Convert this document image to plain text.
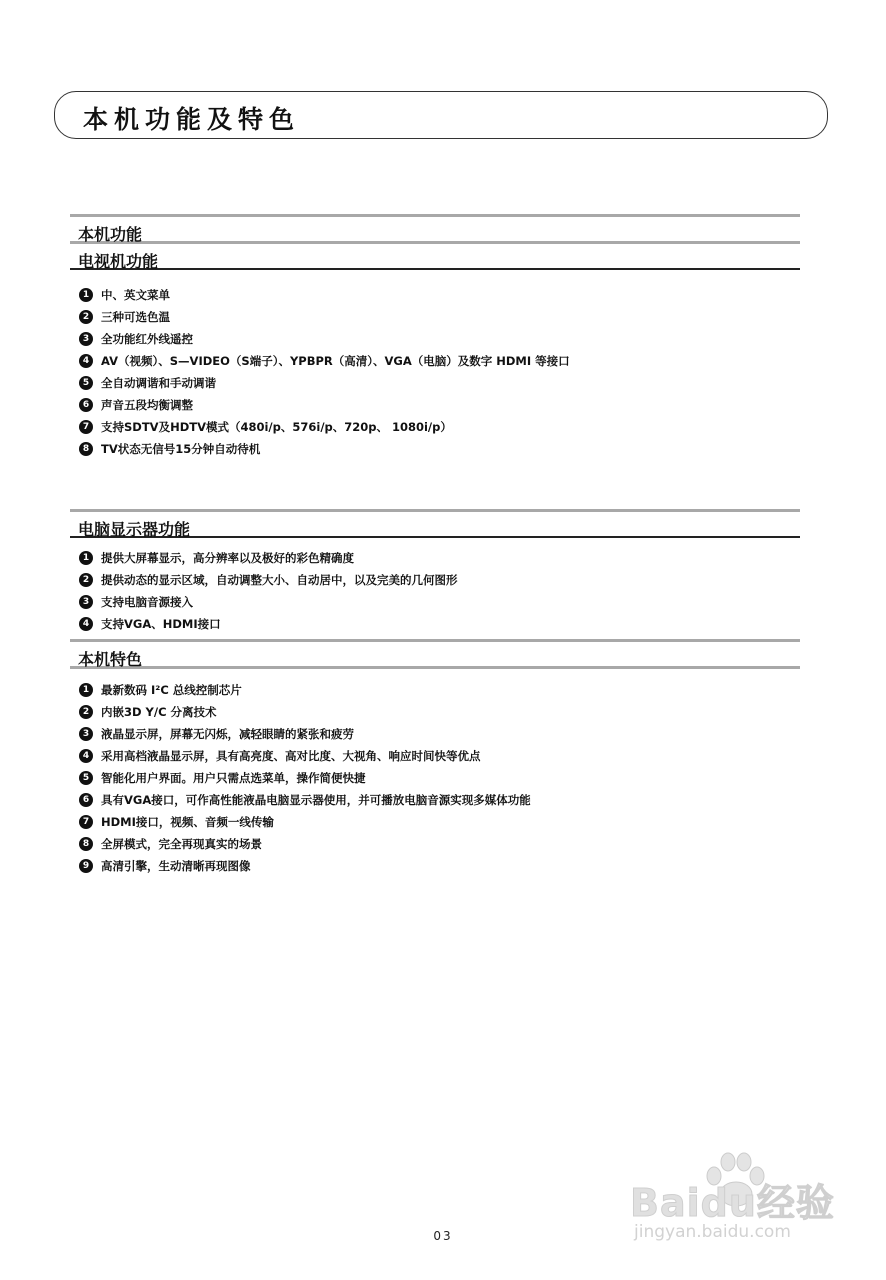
本机功能及特色
本机功能
电视机功能
1	中、英文菜单
2	三种可选色温
3	全功能红外线遥控
4	AV（视频）、S—VIDEO（S端子）、YPBPR（高清）、VGA（电脑）及数字 HDMI 等接口
5	全自动调谐和手动调谐
6	声音五段均衡调整
7	支持SDTV及HDTV模式（480i/p、576i/p、720p、 1080i/p）
8	TV状态无信号15分钟自动待机
电脑显示器功能
1	提供大屏幕显示，高分辨率以及极好的彩色精确度
2	提供动态的显示区域，自动调整大小、自动居中，以及完美的几何图形
3	支持电脑音源接入
4	支持VGA、HDMI接口
本机特色
1	最新数码 I²C 总线控制芯片
2	内嵌3D Y/C 分离技术
3	液晶显示屏，屏幕无闪烁，减轻眼睛的紧张和疲劳
4	采用高档液晶显示屏，具有高亮度、高对比度、大视角、响应时间快等优点
5	智能化用户界面。用户只需点选菜单，操作简便快捷
6	具有VGA接口，可作高性能液晶电脑显示器使用，并可播放电脑音源实现多媒体功能
7	HDMI接口，视频、音频一线传输
8	全屏模式，完全再现真实的场景
9	高清引擎，生动清晰再现图像
Baidu经验
jingyan.baidu.com
03
